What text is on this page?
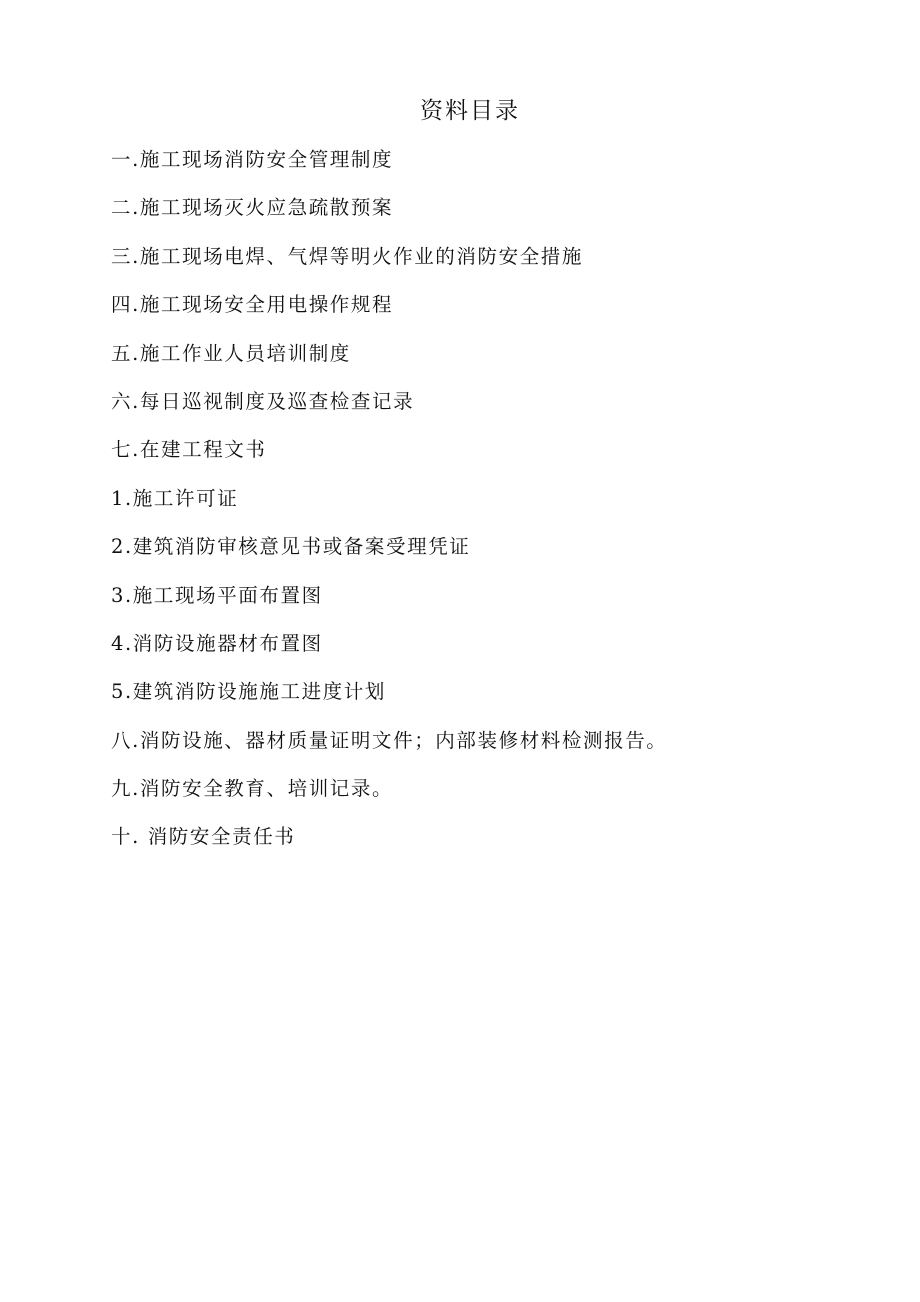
资料目录
一.施工现场消防安全管理制度
二.施工现场灭火应急疏散预案
三.施工现场电焊、气焊等明火作业的消防安全措施
四.施工现场安全用电操作规程
五.施工作业人员培训制度
六.每日巡视制度及巡查检查记录
七.在建工程文书
1.施工许可证
2.建筑消防审核意见书或备案受理凭证
3.施工现场平面布置图
4.消防设施器材布置图
5.建筑消防设施施工进度计划
八.消防设施、器材质量证明文件；内部装修材料检测报告。
九.消防安全教育、培训记录。
十. 消防安全责任书
